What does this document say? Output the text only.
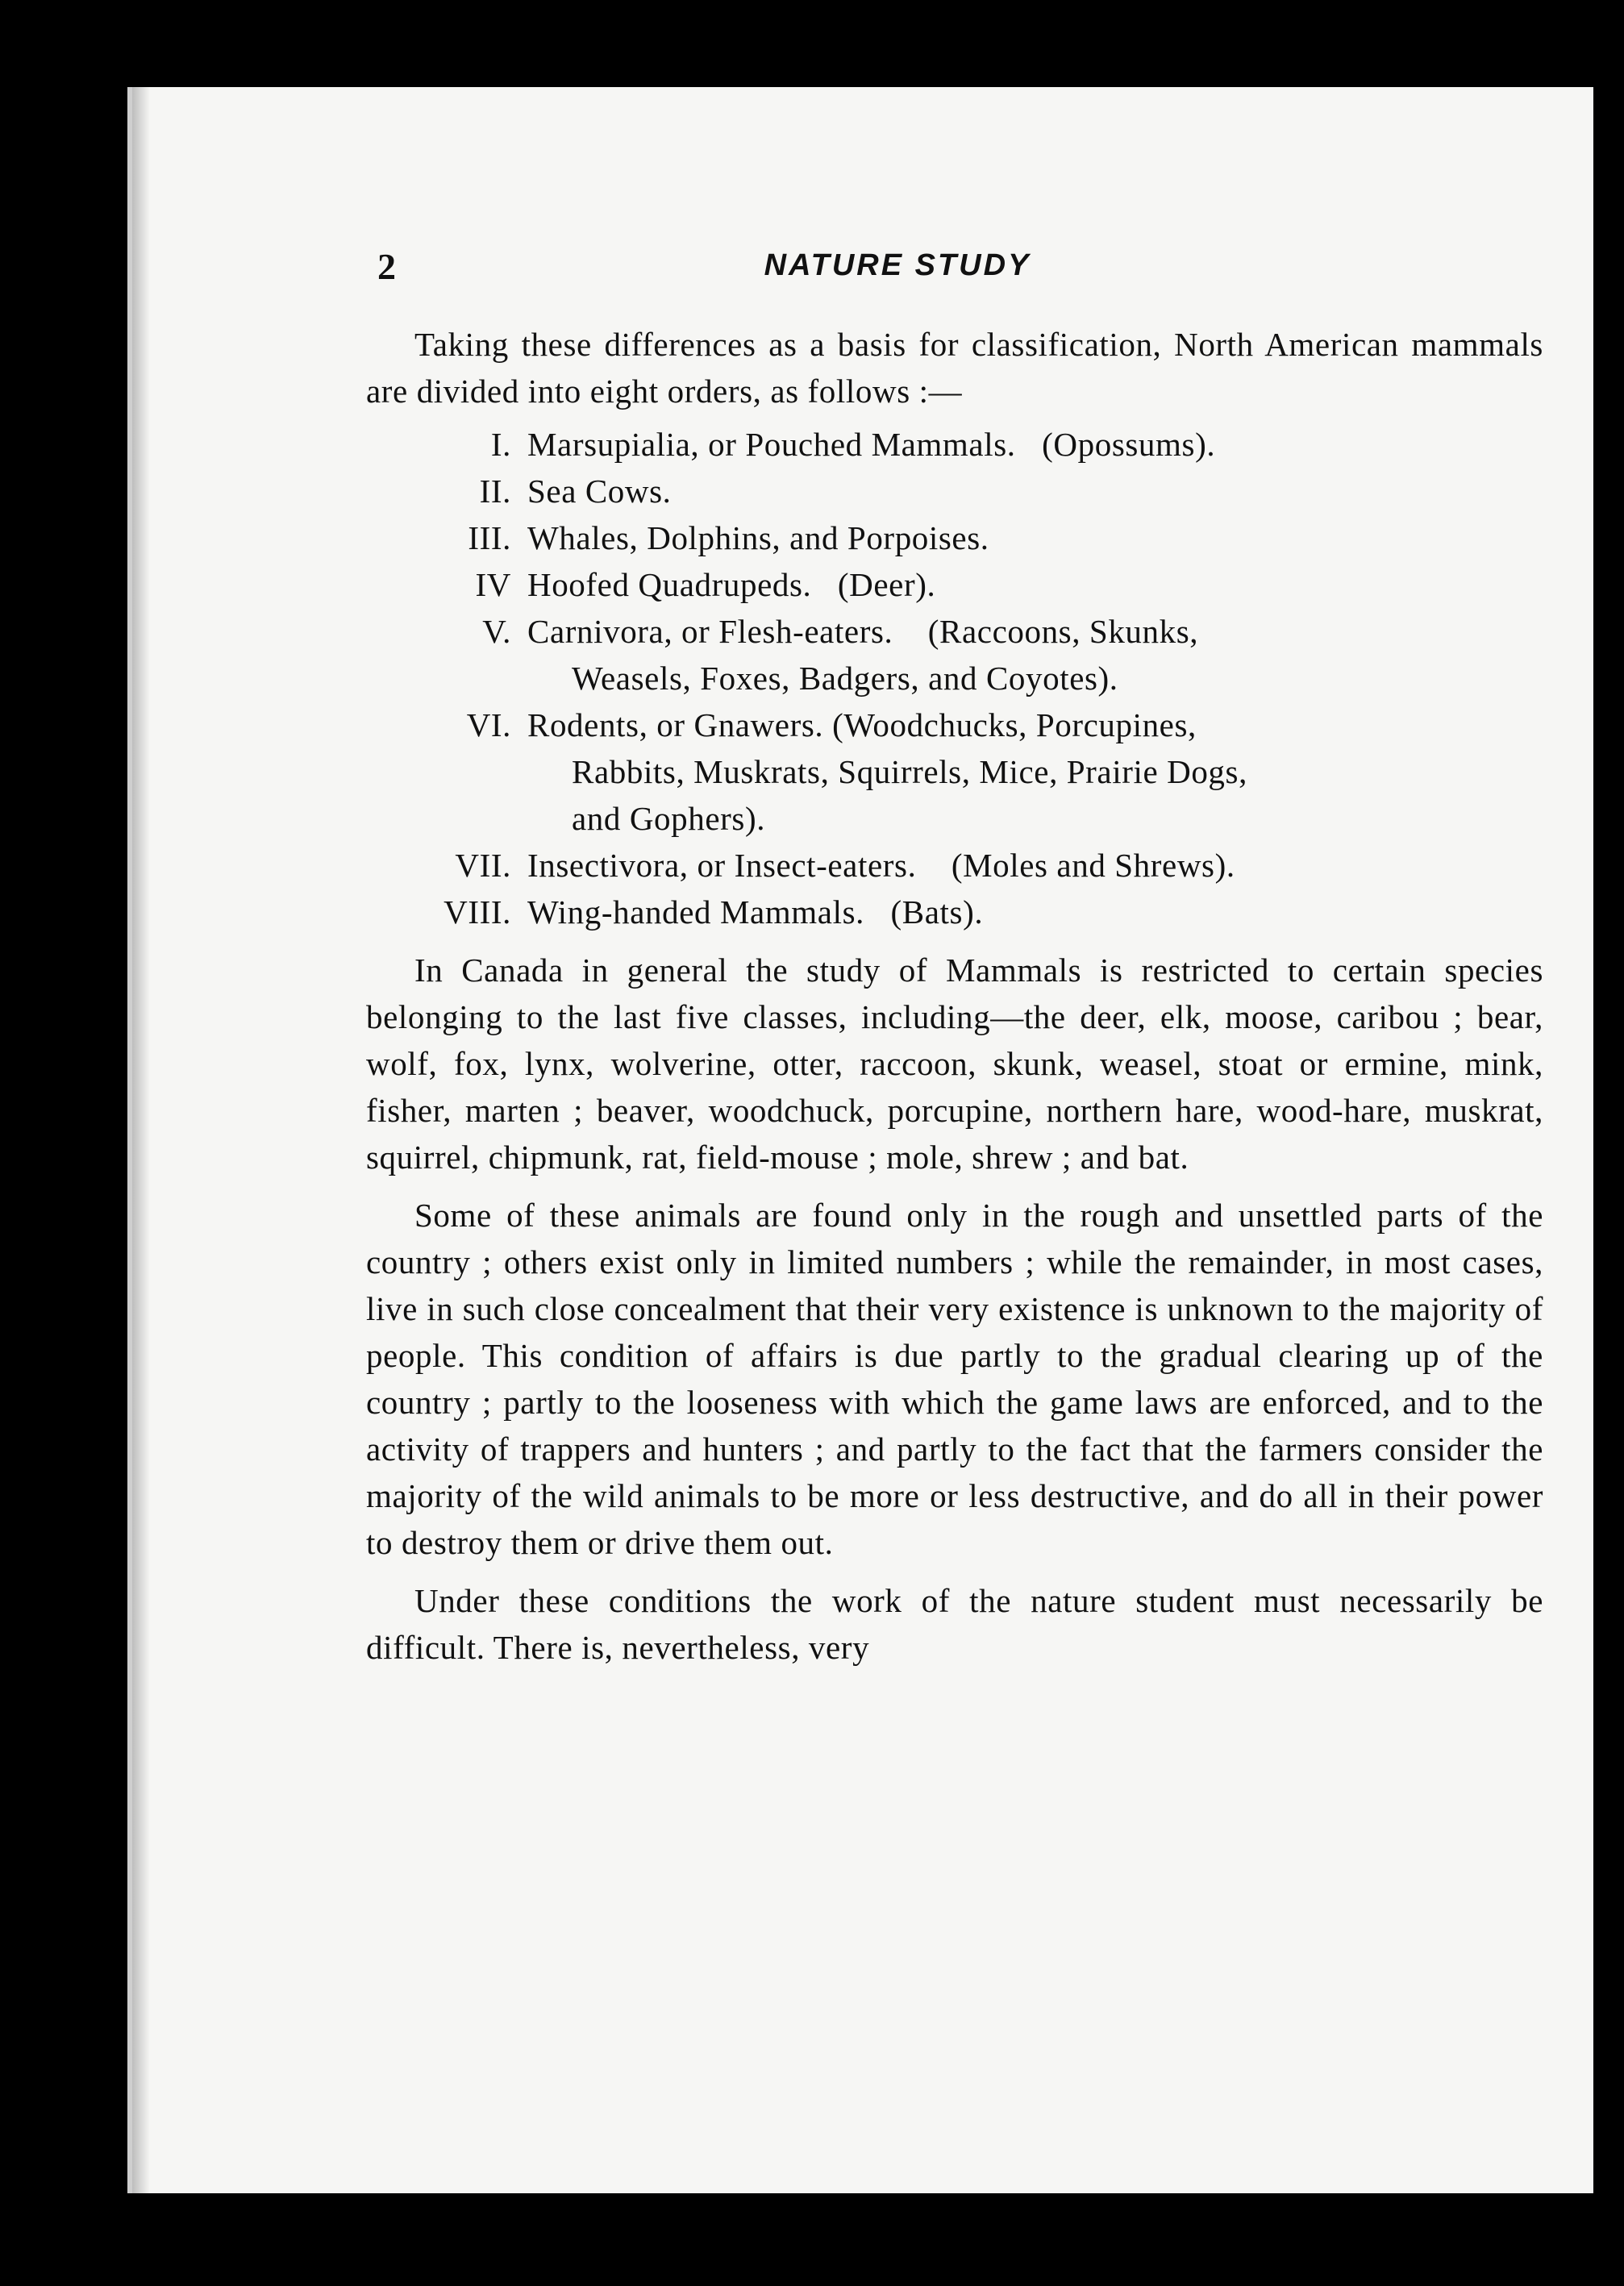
2	NATURE STUDY

Taking these differences as a basis for classification, North American mammals are divided into eight orders, as follows :—

I. Marsupialia, or Pouched Mammals.   (Opossums).
II. Sea Cows.
III. Whales, Dolphins, and Porpoises.
IV Hoofed Quadrupeds.   (Deer).
V. Carnivora, or Flesh-eaters.    (Raccoons, Skunks,
Weasels, Foxes, Badgers, and Coyotes).
VI. Rodents, or Gnawers. (Woodchucks, Porcupines,
Rabbits, Muskrats, Squirrels, Mice, Prairie Dogs,
and Gophers).
VII. Insectivora, or Insect-eaters.    (Moles and Shrews).
VIII. Wing-handed Mammals.   (Bats).

In Canada in general the study of Mammals is restricted to certain species belonging to the last five classes, including—the deer, elk, moose, caribou ; bear, wolf, fox, lynx, wolverine, otter, raccoon, skunk, weasel, stoat or ermine, mink, fisher, marten ; beaver, woodchuck, porcupine, northern hare, wood-hare, muskrat, squirrel, chipmunk, rat, field-mouse ; mole, shrew ; and bat.

Some of these animals are found only in the rough and unsettled parts of the country ; others exist only in limited numbers ; while the remainder, in most cases, live in such close concealment that their very existence is unknown to the majority of people. This condition of affairs is due partly to the gradual clearing up of the country ; partly to the looseness with which the game laws are enforced, and to the activity of trappers and hunters ; and partly to the fact that the farmers consider the majority of the wild animals to be more or less destructive, and do all in their power to destroy them or drive them out.

Under these conditions the work of the nature student must necessarily be difficult. There is, nevertheless, very
